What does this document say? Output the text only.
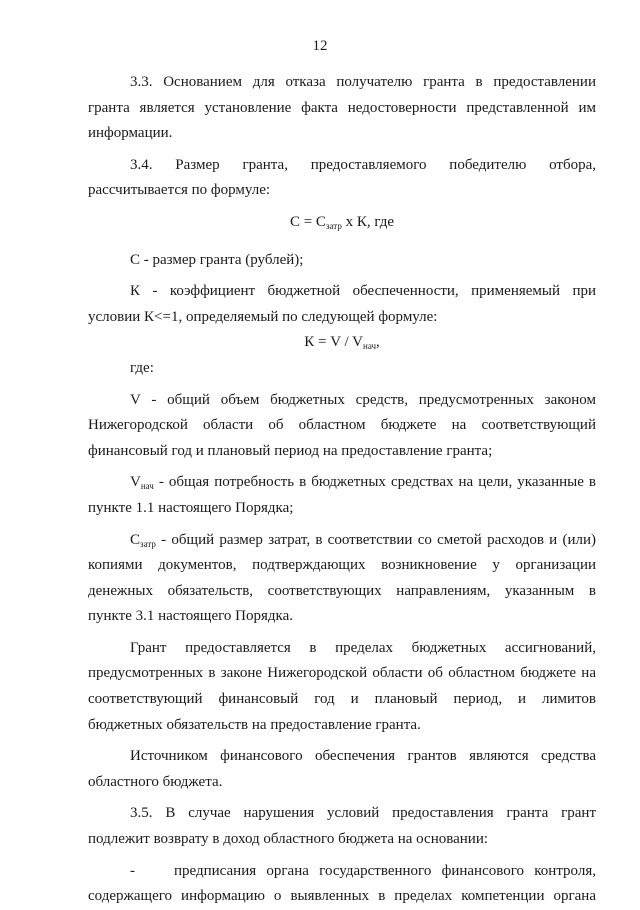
12

3.3. Основанием для отказа получателю гранта в предоставлении
гранта является установление факта недостоверности представленной им
информации.

3.4. Размер гранта, предоставляемого победителю отбора,
рассчитывается по формуле:

$С = С_{затр}$ х К, где

С - размер гранта (рублей);

К - коэффициент бюджетной обеспеченности, применяемый при
условии К<=1, определяемый по следующей формуле:

$К = V / V_{нач}$,

где:

V - общий объем бюджетных средств, предусмотренных законом
Нижегородской области об областном бюджете на соответствующий
финансовый год и плановый период на предоставление гранта;

$V_{нач}$ - общая потребность в бюджетных средствах на цели, указанные в
пункте 1.1 настоящего Порядка;

$С_{затр}$ - общий размер затрат, в соответствии со сметой расходов и (или)
копиями документов, подтверждающих возникновение у организации
денежных обязательств, соответствующих направлениям, указанным в
пункте 3.1 настоящего Порядка.

Грант предоставляется в пределах бюджетных ассигнований,
предусмотренных в законе Нижегородской области об областном бюджете на
соответствующий финансовый год и плановый период, и лимитов
бюджетных обязательств на предоставление гранта.

Источником финансового обеспечения грантов являются средства
областного бюджета.

3.5. В случае нарушения условий предоставления гранта грант
подлежит возврату в доход областного бюджета на основании:

-	предписания органа государственного финансового контроля,
содержащего информацию о выявленных в пределах компетенции органа
